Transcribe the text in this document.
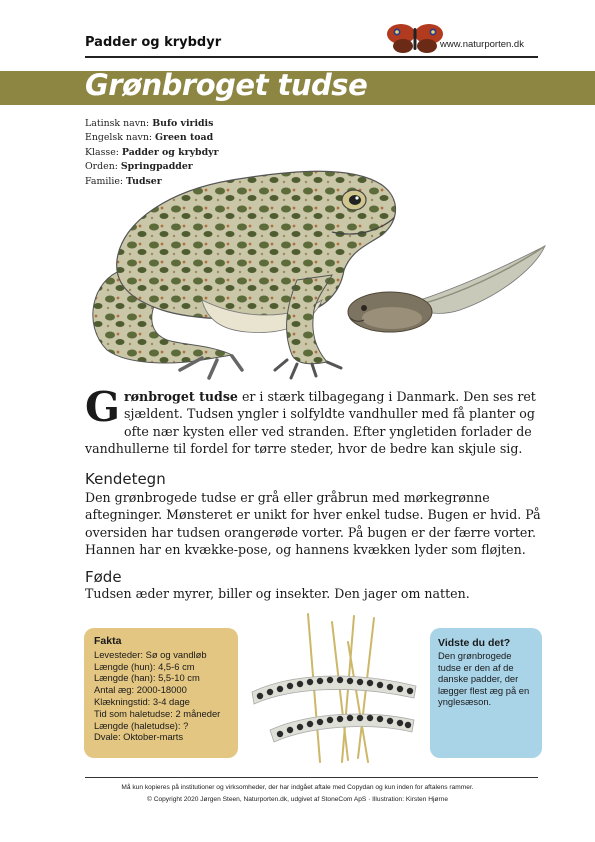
Padder og krybdyr	www.naturporten.dk
Grønbroget tudse
Latinsk navn: Bufo viridis
Engelsk navn: Green toad
Klasse: Padder og krybdyr
Orden: Springpadder
Familie: Tudser
Grønbroget tudse er i stærk tilbagegang i Danmark. Den ses ret sjældent. Tudsen yngler i solfyldte vandhuller med få planter og ofte nær kysten eller ved stranden. Efter yngletiden forlader de vandhullerne til fordel for tørre steder, hvor de bedre kan skjule sig.
Kendetegn
Den grønbrogede tudse er grå eller gråbrun med mørkegrønne aftegninger. Mønsteret er unikt for hver enkel tudse. Bugen er hvid. På oversiden har tudsen orangerøde vorter. På bugen er der færre vorter. Hannen har en kvække-pose, og hannens kvækken lyder som fløjten.
Føde
Tudsen æder myrer, biller og insekter. Den jager om natten.
Fakta
Levesteder: Sø og vandløb
Længde (hun): 4,5-6 cm
Længde (han): 5,5-10 cm
Antal æg: 2000-18000
Klækningstid: 3-4 dage
Tid som haletudse: 2 måneder
Længde (haletudse): ?
Dvale: Oktober-marts
Vidste du det?
Den grønbrogede tudse er den af de danske padder, der lægger flest æg på en ynglesæson.
Må kun kopieres på institutioner og virksomheder, der har indgået aftale med Copydan og kun inden for aftalens rammer.
© Copyright 2020 Jørgen Steen, Naturporten.dk, udgivet af StoneCom ApS · Illustration: Kirsten Hjørne
